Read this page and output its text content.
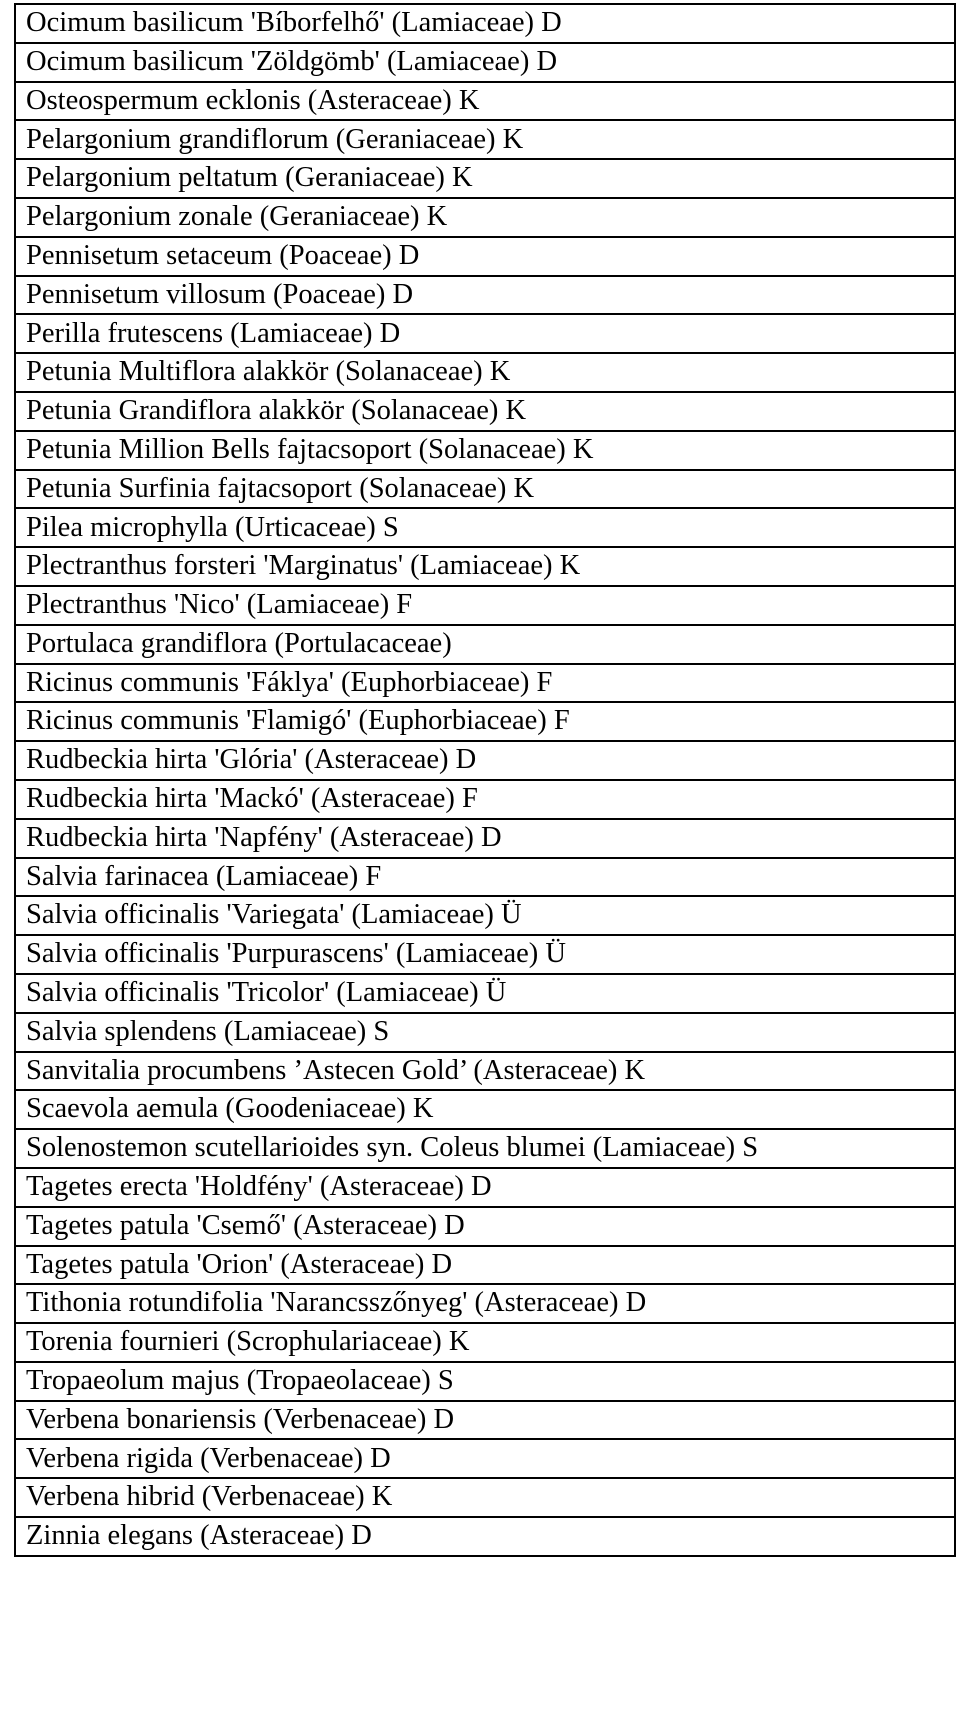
Ocimum basilicum 'Bíborfelhő' (Lamiaceae) D
Ocimum basilicum 'Zöldgömb' (Lamiaceae) D
Osteospermum ecklonis (Asteraceae) K
Pelargonium grandiflorum (Geraniaceae) K
Pelargonium peltatum (Geraniaceae) K
Pelargonium zonale (Geraniaceae) K
Pennisetum setaceum (Poaceae) D
Pennisetum villosum (Poaceae) D
Perilla frutescens (Lamiaceae) D
Petunia Multiflora alakkör (Solanaceae) K
Petunia Grandiflora alakkör (Solanaceae) K
Petunia Million Bells fajtacsoport (Solanaceae) K
Petunia Surfinia fajtacsoport (Solanaceae) K
Pilea microphylla (Urticaceae) S
Plectranthus forsteri 'Marginatus' (Lamiaceae) K
Plectranthus 'Nico' (Lamiaceae) F
Portulaca grandiflora (Portulacaceae)
Ricinus communis 'Fáklya' (Euphorbiaceae) F
Ricinus communis 'Flamigó' (Euphorbiaceae) F
Rudbeckia hirta 'Glória' (Asteraceae) D
Rudbeckia hirta 'Mackó' (Asteraceae) F
Rudbeckia hirta 'Napfény' (Asteraceae) D
Salvia farinacea (Lamiaceae) F
Salvia officinalis 'Variegata' (Lamiaceae) Ü
Salvia officinalis 'Purpurascens' (Lamiaceae) Ü
Salvia officinalis 'Tricolor' (Lamiaceae) Ü
Salvia splendens (Lamiaceae) S
Sanvitalia procumbens ’Astecen Gold’ (Asteraceae) K
Scaevola aemula (Goodeniaceae) K
Solenostemon scutellarioides syn. Coleus blumei (Lamiaceae) S
Tagetes erecta 'Holdfény' (Asteraceae) D
Tagetes patula 'Csemő' (Asteraceae) D
Tagetes patula 'Orion' (Asteraceae) D
Tithonia rotundifolia 'Narancsszőnyeg' (Asteraceae) D
Torenia fournieri (Scrophulariaceae) K
Tropaeolum majus (Tropaeolaceae) S
Verbena bonariensis (Verbenaceae) D
Verbena rigida (Verbenaceae) D
Verbena hibrid (Verbenaceae) K
Zinnia elegans (Asteraceae) D
